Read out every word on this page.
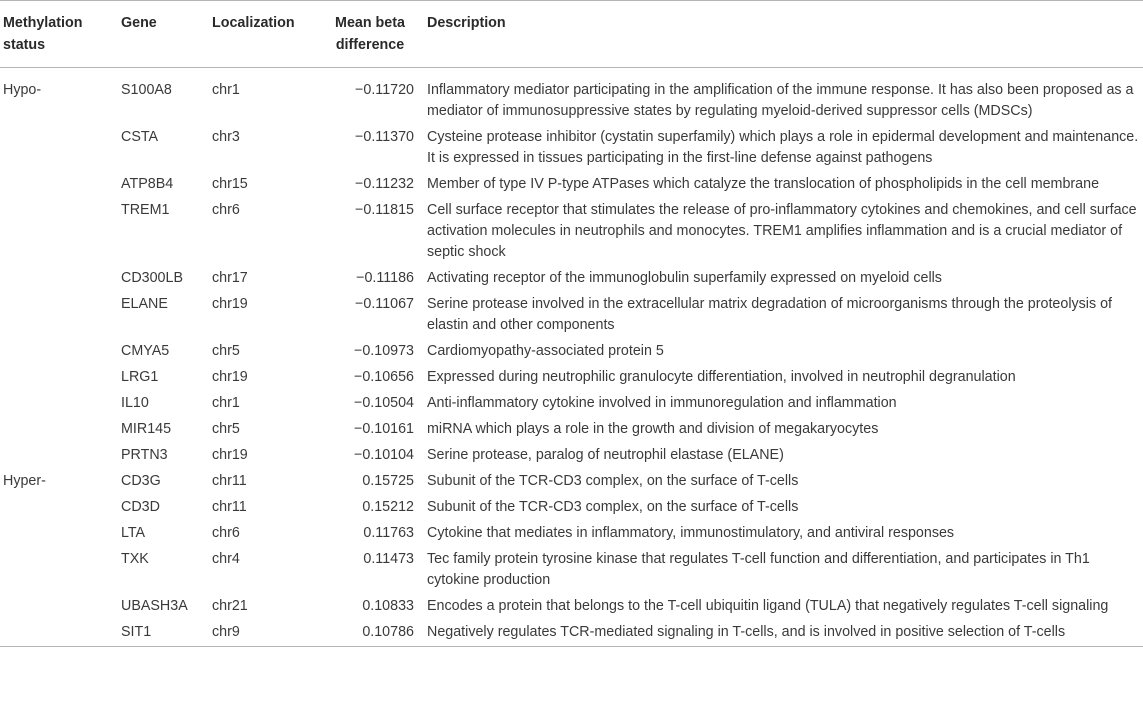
Methylation status	Gene	Localization	Mean beta difference	Description
Hypo-	S100A8	chr1	−0.11720	Inflammatory mediator participating in the amplification of the immune response. It has also been proposed as a mediator of immunosuppressive states by regulating myeloid-derived suppressor cells (MDSCs)
	CSTA	chr3	−0.11370	Cysteine protease inhibitor (cystatin superfamily) which plays a role in epidermal development and maintenance. It is expressed in tissues participating in the first-line defense against pathogens
	ATP8B4	chr15	−0.11232	Member of type IV P-type ATPases which catalyze the translocation of phospholipids in the cell membrane
	TREM1	chr6	−0.11815	Cell surface receptor that stimulates the release of pro-inflammatory cytokines and chemokines, and cell surface activation molecules in neutrophils and monocytes. TREM1 amplifies inflammation and is a crucial mediator of septic shock
	CD300LB	chr17	−0.11186	Activating receptor of the immunoglobulin superfamily expressed on myeloid cells
	ELANE	chr19	−0.11067	Serine protease involved in the extracellular matrix degradation of microorganisms through the proteolysis of elastin and other components
	CMYA5	chr5	−0.10973	Cardiomyopathy-associated protein 5
	LRG1	chr19	−0.10656	Expressed during neutrophilic granulocyte differentiation, involved in neutrophil degranulation
	IL10	chr1	−0.10504	Anti-inflammatory cytokine involved in immunoregulation and inflammation
	MIR145	chr5	−0.10161	miRNA which plays a role in the growth and division of megakaryocytes
	PRTN3	chr19	−0.10104	Serine protease, paralog of neutrophil elastase (ELANE)
Hyper-	CD3G	chr11	0.15725	Subunit of the TCR-CD3 complex, on the surface of T-cells
	CD3D	chr11	0.15212	Subunit of the TCR-CD3 complex, on the surface of T-cells
	LTA	chr6	0.11763	Cytokine that mediates in inflammatory, immunostimulatory, and antiviral responses
	TXK	chr4	0.11473	Tec family protein tyrosine kinase that regulates T-cell function and differentiation, and participates in Th1 cytokine production
	UBASH3A	chr21	0.10833	Encodes a protein that belongs to the T-cell ubiquitin ligand (TULA) that negatively regulates T-cell signaling
	SIT1	chr9	0.10786	Negatively regulates TCR-mediated signaling in T-cells, and is involved in positive selection of T-cells
